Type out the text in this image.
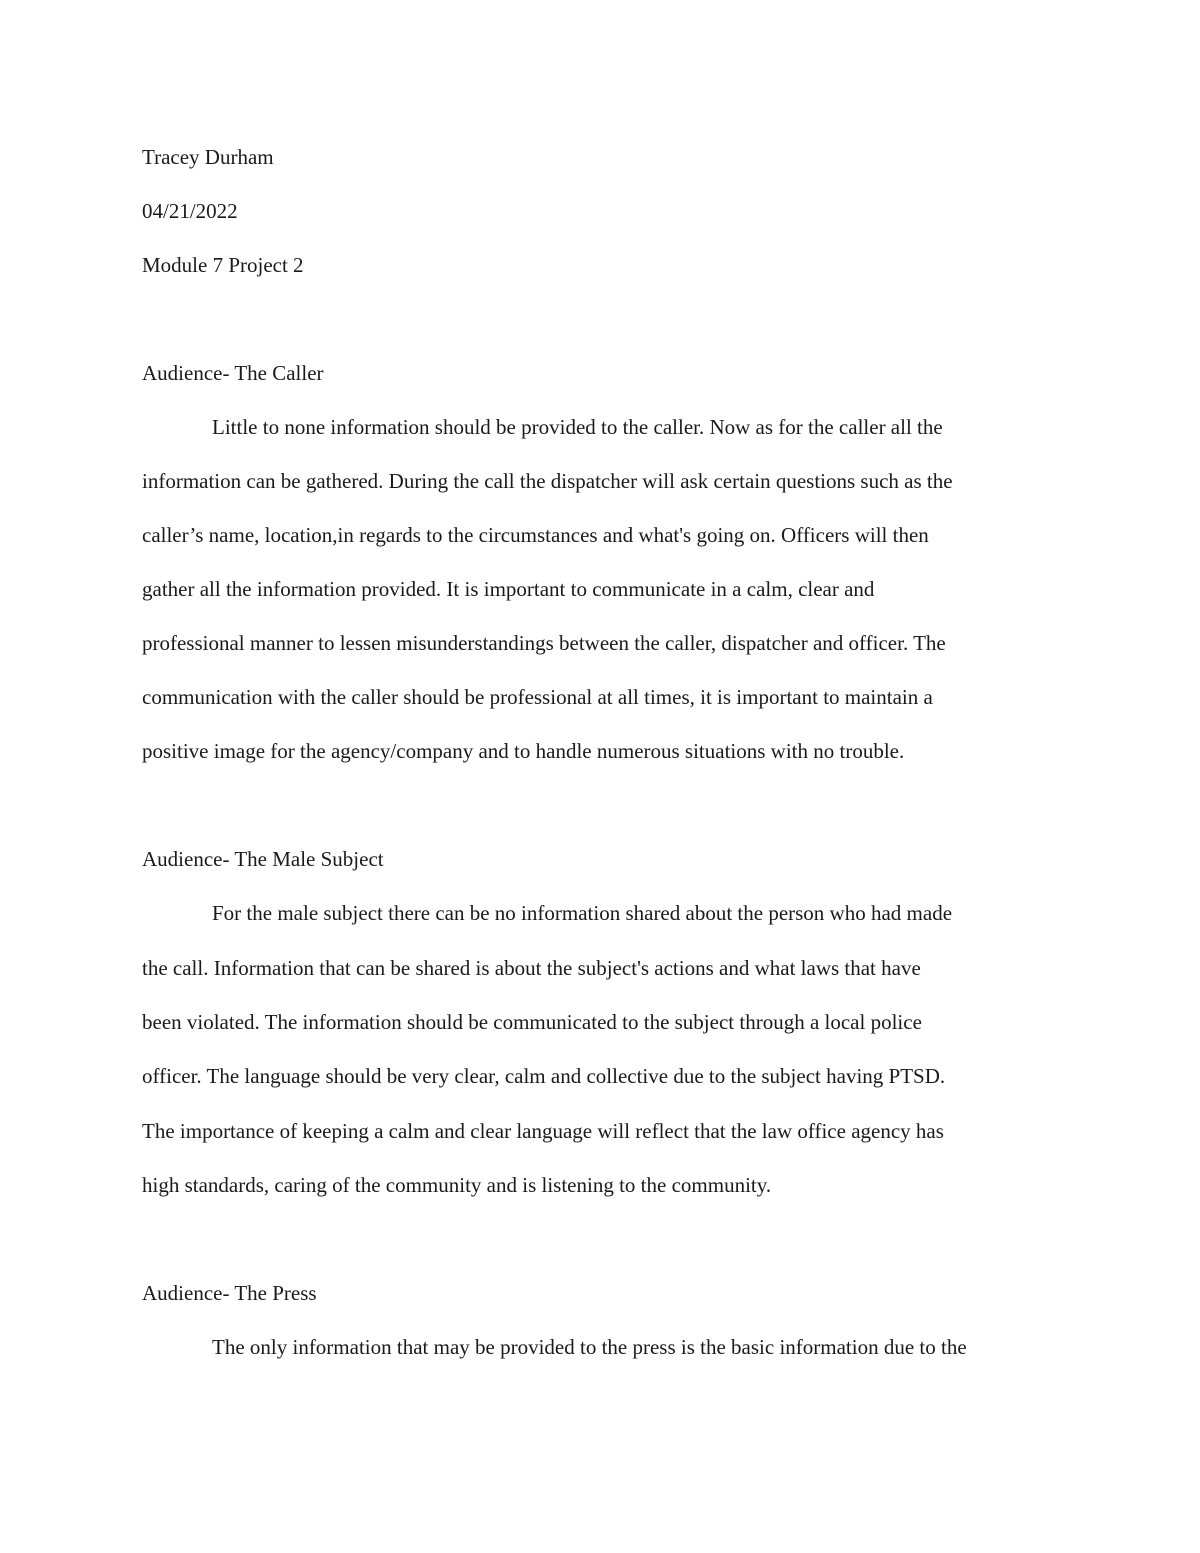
Tracey Durham
04/21/2022
Module 7 Project 2
Audience- The Caller
Little to none information should be provided to the caller. Now as for the caller all the
information can be gathered. During the call the dispatcher will ask certain questions such as the
caller’s name, location,in regards to the circumstances and what's going on. Officers will then
gather all the information provided. It is important to communicate in a calm, clear and
professional manner to lessen misunderstandings between the caller, dispatcher and officer. The
communication with the caller should be professional at all times, it is important to maintain a
positive image for the agency/company and to handle numerous situations with no trouble.
Audience- The Male Subject
For the male subject there can be no information shared about the person who had made
the call. Information that can be shared is about the subject's actions and what laws that have
been violated. The information should be communicated to the subject through a local police
officer. The language should be very clear, calm and collective due to the subject having PTSD.
The importance of keeping a calm and clear language will reflect that the law office agency has
high standards, caring of the community and is listening to the community.
Audience- The Press
The only information that may be provided to the press is the basic information due to the
